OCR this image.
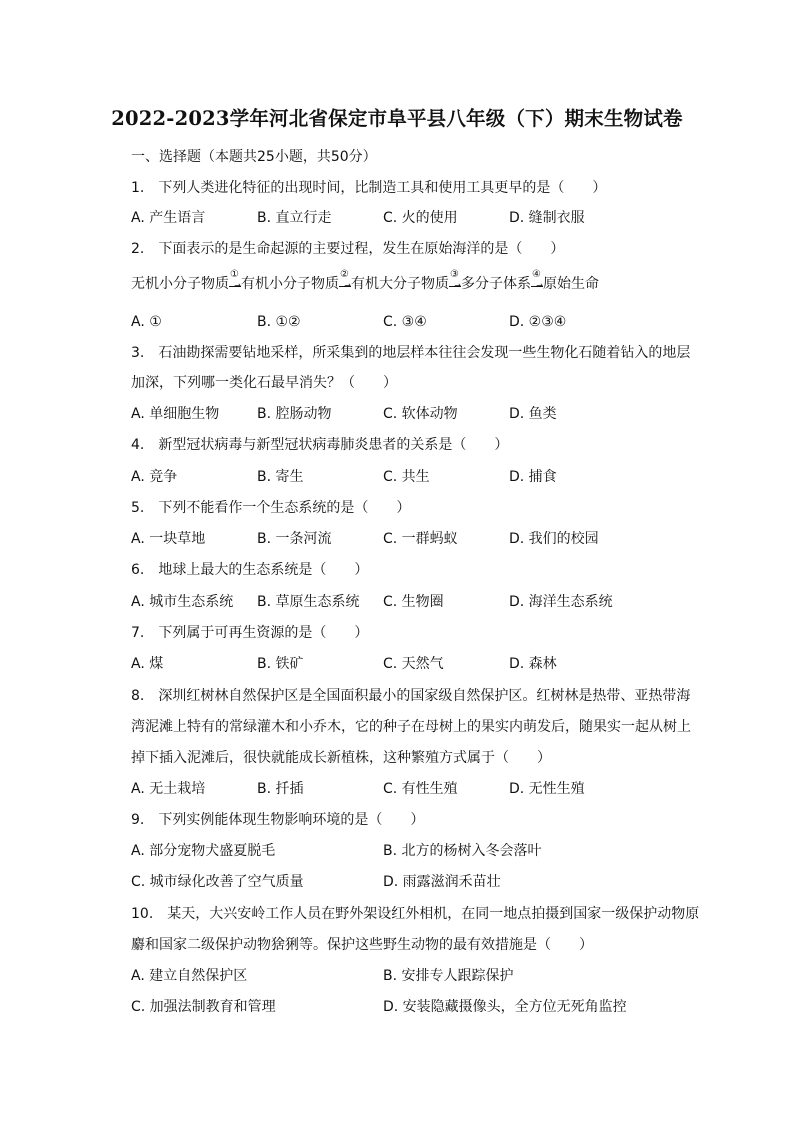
2022-2023学年河北省保定市阜平县八年级（下）期末生物试卷
一、选择题（本题共25小题，共50分）
1.　下列人类进化特征的出现时间，比制造工具和使用工具更早的是（　　）
A. 产生语言	B. 直立行走	C. 火的使用	D. 缝制衣服
2.　下面表示的是生命起源的主要过程，发生在原始海洋的是（　　）
无机小分子物质
①
→ 有机小分子物质
②
→ 有机大分子物质
③
→ 多分子体系
④
→ 原始生命
A. ①	B. ①②	C. ③④	D. ②③④
3.　石油勘探需要钻地采样，所采集到的地层样本往往会发现一些生物化石随着钻入的地层
加深，下列哪一类化石最早消失？（　　）
A. 单细胞生物	B. 腔肠动物	C. 软体动物	D. 鱼类
4.　新型冠状病毒与新型冠状病毒肺炎患者的关系是（　　）
A. 竞争	B. 寄生	C. 共生	D. 捕食
5.　下列不能看作一个生态系统的是（　　）
A. 一块草地	B. 一条河流	C. 一群蚂蚁	D. 我们的校园
6.　地球上最大的生态系统是（　　）
A. 城市生态系统 B. 草原生态系统 C. 生物圈	D. 海洋生态系统
7.　下列属于可再生资源的是（　　）
A. 煤	B. 铁矿	C. 天然气	D. 森林
8.　深圳红树林自然保护区是全国面积最小的国家级自然保护区。红树林是热带、亚热带海
湾泥滩上特有的常绿灌木和小乔木，它的种子在母树上的果实内萌发后，随果实一起从树上
掉下插入泥滩后，很快就能成长新植株，这种繁殖方式属于（　　）
A. 无土栽培	B. 扦插	C. 有性生殖	D. 无性生殖
9.　下列实例能体现生物影响环境的是（　　）
A. 部分宠物犬盛夏脱毛	B. 北方的杨树入冬会落叶
C. 城市绿化改善了空气质量	D. 雨露滋润禾苗壮
10.　某天，大兴安岭工作人员在野外架设红外相机，在同一地点拍摄到国家一级保护动物原
麝和国家二级保护动物猞猁等。保护这些野生动物的最有效措施是（　　）
A. 建立自然保护区	B. 安排专人跟踪保护
C. 加强法制教育和管理	D. 安装隐藏摄像头，全方位无死角监控
